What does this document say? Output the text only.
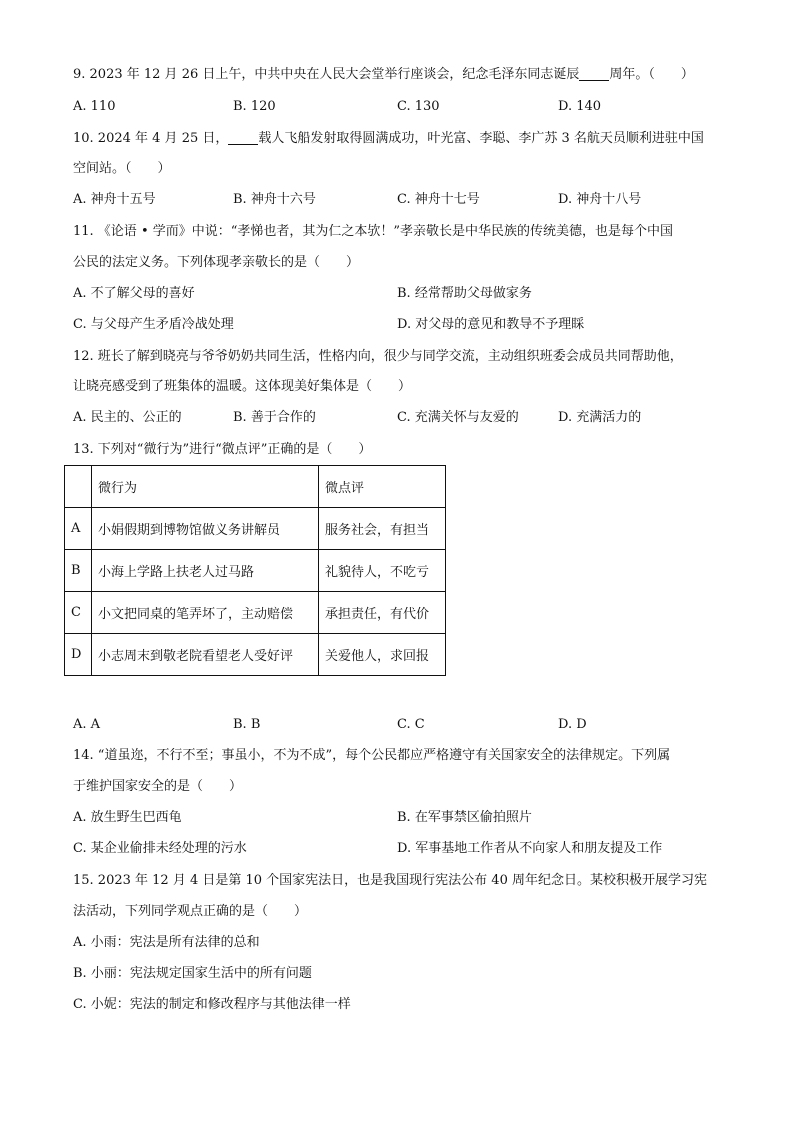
9. 2023 年 12 月 26 日上午，中共中央在人民大会堂举行座谈会，纪念毛泽东同志诞辰 周年。（　　）
A. 110	B. 120	C. 130	D. 140
10. 2024 年 4 月 25 日， 载人飞船发射取得圆满成功，叶光富、李聪、李广苏 3 名航天员顺利进驻中国
空间站。（　　）
A. 神舟十五号	B. 神舟十六号	C. 神舟十七号	D. 神舟十八号
11. 《论语 • 学而》中说：“孝悌也者，其为仁之本欤！”孝亲敬长是中华民族的传统美德，也是每个中国
公民的法定义务。下列体现孝亲敬长的是（　　）
A. 不了解父母的喜好	B. 经常帮助父母做家务
C. 与父母产生矛盾冷战处理	D. 对父母的意见和教导不予理睬
12. 班长了解到晓亮与爷爷奶奶共同生活，性格内向，很少与同学交流，主动组织班委会成员共同帮助他，
让晓亮感受到了班集体的温暖。这体现美好集体是（　　）
A. 民主的、公正的	B. 善于合作的	C. 充满关怀与友爱的	D. 充满活力的
13. 下列对“微行为”进行“微点评”正确的是（　　）
	微行为	微点评
A	小娟假期到博物馆做义务讲解员	服务社会，有担当
B	小海上学路上扶老人过马路	礼貌待人，不吃亏
C	小文把同桌的笔弄坏了，主动赔偿	承担责任，有代价
D	小志周末到敬老院看望老人受好评	关爱他人，求回报
A. A	B. B	C. C	D. D
14. “道虽迩，不行不至；事虽小，不为不成”，每个公民都应严格遵守有关国家安全的法律规定。下列属
于维护国家安全的是（　　）
A. 放生野生巴西龟	B. 在军事禁区偷拍照片
C. 某企业偷排未经处理的污水	D. 军事基地工作者从不向家人和朋友提及工作
15. 2023 年 12 月 4 日是第 10 个国家宪法日，也是我国现行宪法公布 40 周年纪念日。某校积极开展学习宪
法活动，下列同学观点正确的是（　　）
A. 小雨：宪法是所有法律的总和
B. 小丽：宪法规定国家生活中的所有问题
C. 小妮：宪法的制定和修改程序与其他法律一样
